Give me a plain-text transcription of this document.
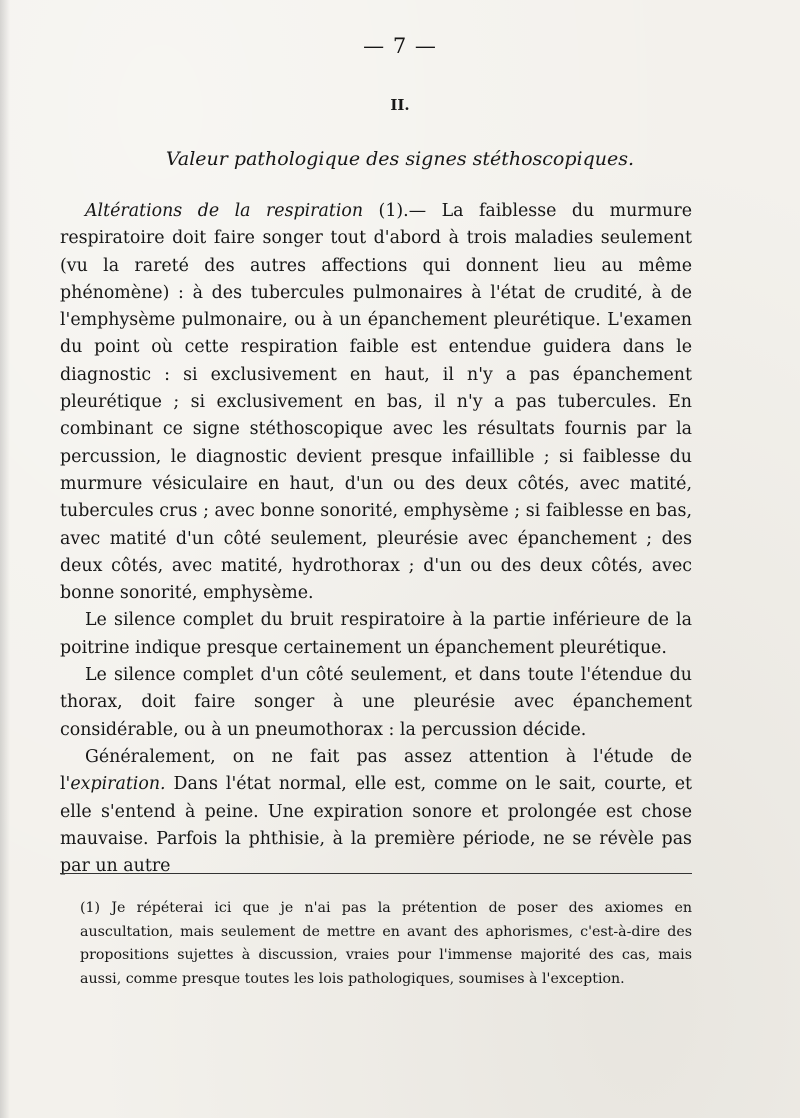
— 7 —
II.
Valeur pathologique des signes stéthoscopiques.

Altérations de la respiration (1).— La faiblesse du murmure respiratoire doit faire songer tout d'abord à trois maladies seulement (vu la rareté des autres affections qui donnent lieu au même phénomène) : à des tubercules pulmonaires à l'état de crudité, à de l'emphysème pulmonaire, ou à un épanchement pleurétique. L'examen du point où cette respiration faible est entendue guidera dans le diagnostic : si exclusivement en haut, il n'y a pas épanchement pleurétique ; si exclusivement en bas, il n'y a pas tubercules. En combinant ce signe stéthoscopique avec les résultats fournis par la percussion, le diagnostic devient presque infaillible ; si faiblesse du murmure vésiculaire en haut, d'un ou des deux côtés, avec matité, tubercules crus ; avec bonne sonorité, emphysème ; si faiblesse en bas, avec matité d'un côté seulement, pleurésie avec épanchement ; des deux côtés, avec matité, hydrothorax ; d'un ou des deux côtés, avec bonne sonorité, emphysème.

Le silence complet du bruit respiratoire à la partie inférieure de la poitrine indique presque certainement un épanchement pleurétique.

Le silence complet d'un côté seulement, et dans toute l'étendue du thorax, doit faire songer à une pleurésie avec épanchement considérable, ou à un pneumothorax : la percussion décide.

Généralement, on ne fait pas assez attention à l'étude de l'expiration. Dans l'état normal, elle est, comme on le sait, courte, et elle s'entend à peine. Une expiration sonore et prolongée est chose mauvaise. Parfois la phthisie, à la première période, ne se révèle pas par un autre

(1) Je répéterai ici que je n'ai pas la prétention de poser des axiomes en auscultation, mais seulement de mettre en avant des aphorismes, c'est-à-dire des propositions sujettes à discussion, vraies pour l'immense majorité des cas, mais aussi, comme presque toutes les lois pathologiques, soumises à l'exception.
